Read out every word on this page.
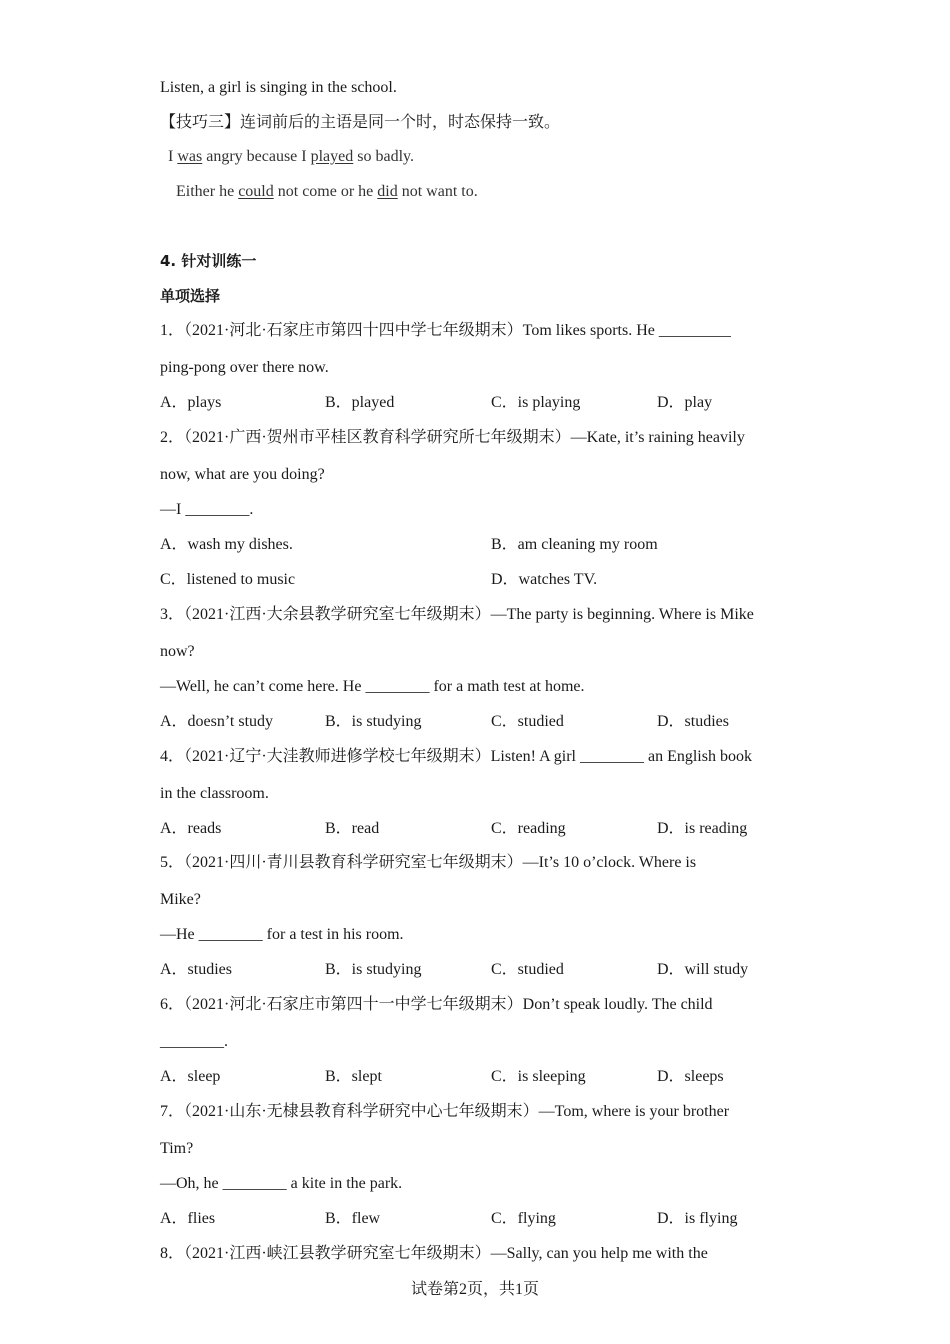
Listen, a girl is singing in the school.
【技巧三】连词前后的主语是同一个时，时态保持一致。
I was angry because I played so badly.
Either he could not come or he did not want to.
4. 针对训练一
单项选择
1．（2021·河北·石家庄市第四十四中学七年级期末）Tom likes sports. He _________
ping-pong over there now.
A．plays	B．played	C．is playing	D．play
2．（2021·广西·贺州市平桂区教育科学研究所七年级期末）—Kate, it’s raining heavily
now, what are you doing?
—I ________.
A．wash my dishes.	B．am cleaning my room
C．listened to music	D．watches TV.
3．（2021·江西·大余县教学研究室七年级期末）—The party is beginning. Where is Mike
now?
—Well, he can’t come here. He ________ for a math test at home.
A．doesn’t study	B．is studying	C．studied	D．studies
4．（2021·辽宁·大洼教师进修学校七年级期末）Listen! A girl ________ an English book
in the classroom.
A．reads	B．read	C．reading	D．is reading
5．（2021·四川·青川县教育科学研究室七年级期末）—It’s 10 o’clock. Where is
Mike?
—He ________ for a test in his room.
A．studies	B．is studying	C．studied	D．will study
6．（2021·河北·石家庄市第四十一中学七年级期末）Don’t speak loudly. The child
________.
A．sleep	B．slept	C．is sleeping	D．sleeps
7．（2021·山东·无棣县教育科学研究中心七年级期末）—Tom, where is your brother
Tim?
—Oh, he ________ a kite in the park.
A．flies	B．flew	C．flying	D．is flying
8．（2021·江西·峡江县教学研究室七年级期末）—Sally, can you help me with the
试卷第2页，共1页
